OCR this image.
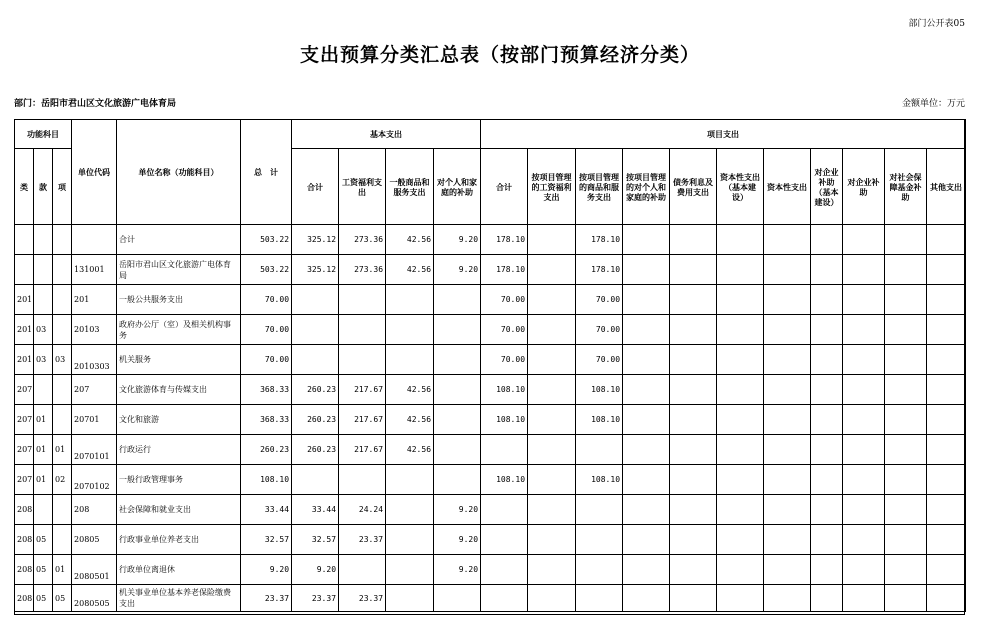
部门公开表05
支出预算分类汇总表（按部门预算经济分类）
部门：岳阳市君山区文化旅游广电体育局	金额单位：万元
功能科目			单位代码	单位名称（功能科目）	总　计	基本支出				项目支出										
类	款	项				合计	工资福利支出	一般商品和服务支出	对个人和家庭的补助	合计	按项目管理的工资福利支出	按项目管理的商品和服务支出	按项目管理的对个人和家庭的补助	债务利息及费用支出	资本性支出（基本建设）	资本性支出	对企业补助（基本建设）	对企业补助	对社会保障基金补助	其他支出

				合计	503.22	325.12	273.36	42.56	9.20	178.10		178.10								
			131001	岳阳市君山区文化旅游广电体育局	503.22	325.12	273.36	42.56	9.20	178.10		178.10								
201			201	一般公共服务支出	70.00					70.00		70.00								
201	03		20103	政府办公厅（室）及相关机构事务	70.00					70.00		70.00								
201	03	03	2010303	机关服务	70.00					70.00		70.00								
207			207	文化旅游体育与传媒支出	368.33	260.23	217.67	42.56		108.10		108.10								
207	01		20701	文化和旅游	368.33	260.23	217.67	42.56		108.10		108.10								
207	01	01	2070101	行政运行	260.23	260.23	217.67	42.56												
207	01	02	2070102	一般行政管理事务	108.10					108.10		108.10								
208			208	社会保障和就业支出	33.44	33.44	24.24		9.20											
208	05		20805	行政事业单位养老支出	32.57	32.57	23.37		9.20											
208	05	01	2080501	行政单位离退休	9.20	9.20			9.20											
208	05	05	2080505	机关事业单位基本养老保险缴费支出	23.37	23.37	23.37													
